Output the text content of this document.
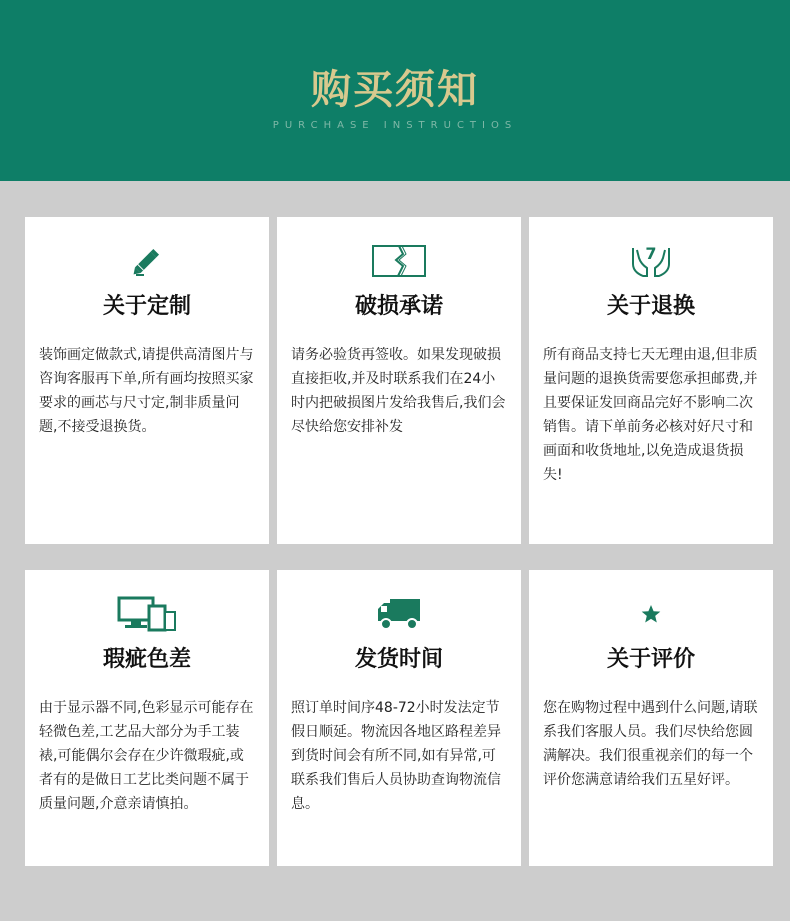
购买须知
PURCHASE INSTRUCTIOS
关于定制
装饰画定做款式,请提供高清图片与咨询客服再下单,所有画均按照买家要求的画芯与尺寸定,制非质量问题,不接受退换货。
破损承诺
请务必验货再签收。如果发现破损直接拒收,并及时联系我们在24小时内把破损图片发给我售后,我们会尽快给您安排补发
7
关于退换
所有商品支持七天无理由退,但非质量问题的退换货需要您承担邮费,并且要保证发回商品完好不影响二次销售。请下单前务必核对好尺寸和画面和收货地址,以免造成退货损失!
瑕疵色差
由于显示器不同,色彩显示可能存在轻微色差,工艺品大部分为手工装裱,可能偶尔会存在少许微瑕疵,或者有的是做日工艺比类问题不属于质量问题,介意亲请慎拍。
发货时间
照订单时间序48-72小时发法定节假日顺延。物流因各地区路程差异到货时间会有所不同,如有异常,可联系我们售后人员协助查询物流信息。
关于评价
您在购物过程中遇到什么问题,请联系我们客服人员。我们尽快给您圆满解决。我们很重视亲们的每一个评价您满意请给我们五星好评。
